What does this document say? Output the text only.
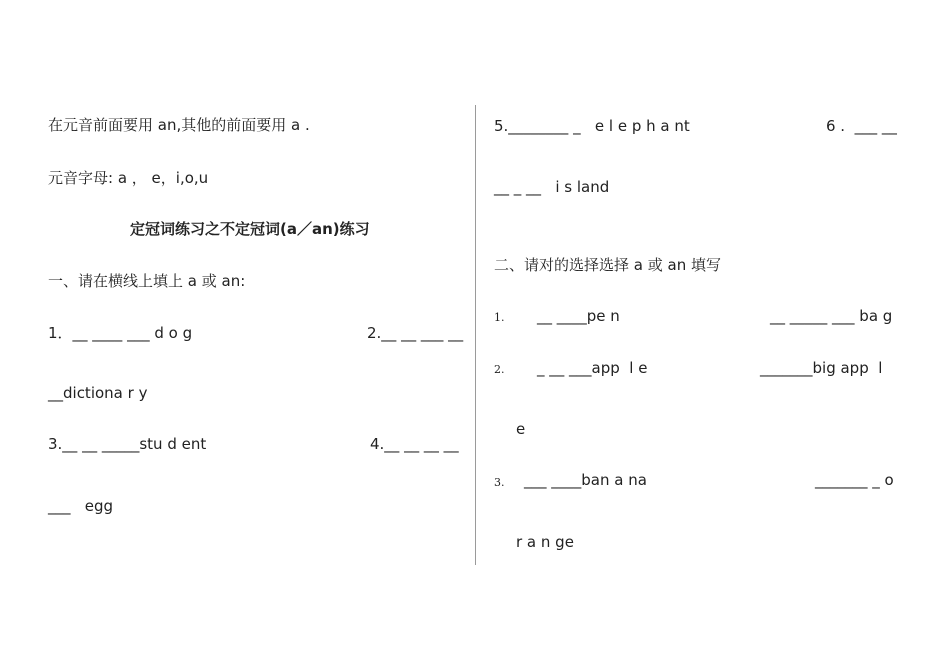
在元音前面要用 an,其他的前面要用 a .
元音字母: a ， e，i,o,u
定冠词练习之不定冠词(a／an)练习
一、请在横线上填上 a 或 an:
1．__ ____ ___ d o g	2.__ __ ___ __
__dictiona r y
3.__ __ _____stu d ent	4.__ __ __ __
___   egg
5.________ _   e l e p h a nt	6 .  ___ __
__ _ __   i s land
二、请对的选择选择 a 或 an 填写
1. __ ____pe n	__ _____ ___ ba g
2. _ __ ___app  l e	_______big app  l
e
3. ___ ____ban a na	_______ _ o
r a n ge
